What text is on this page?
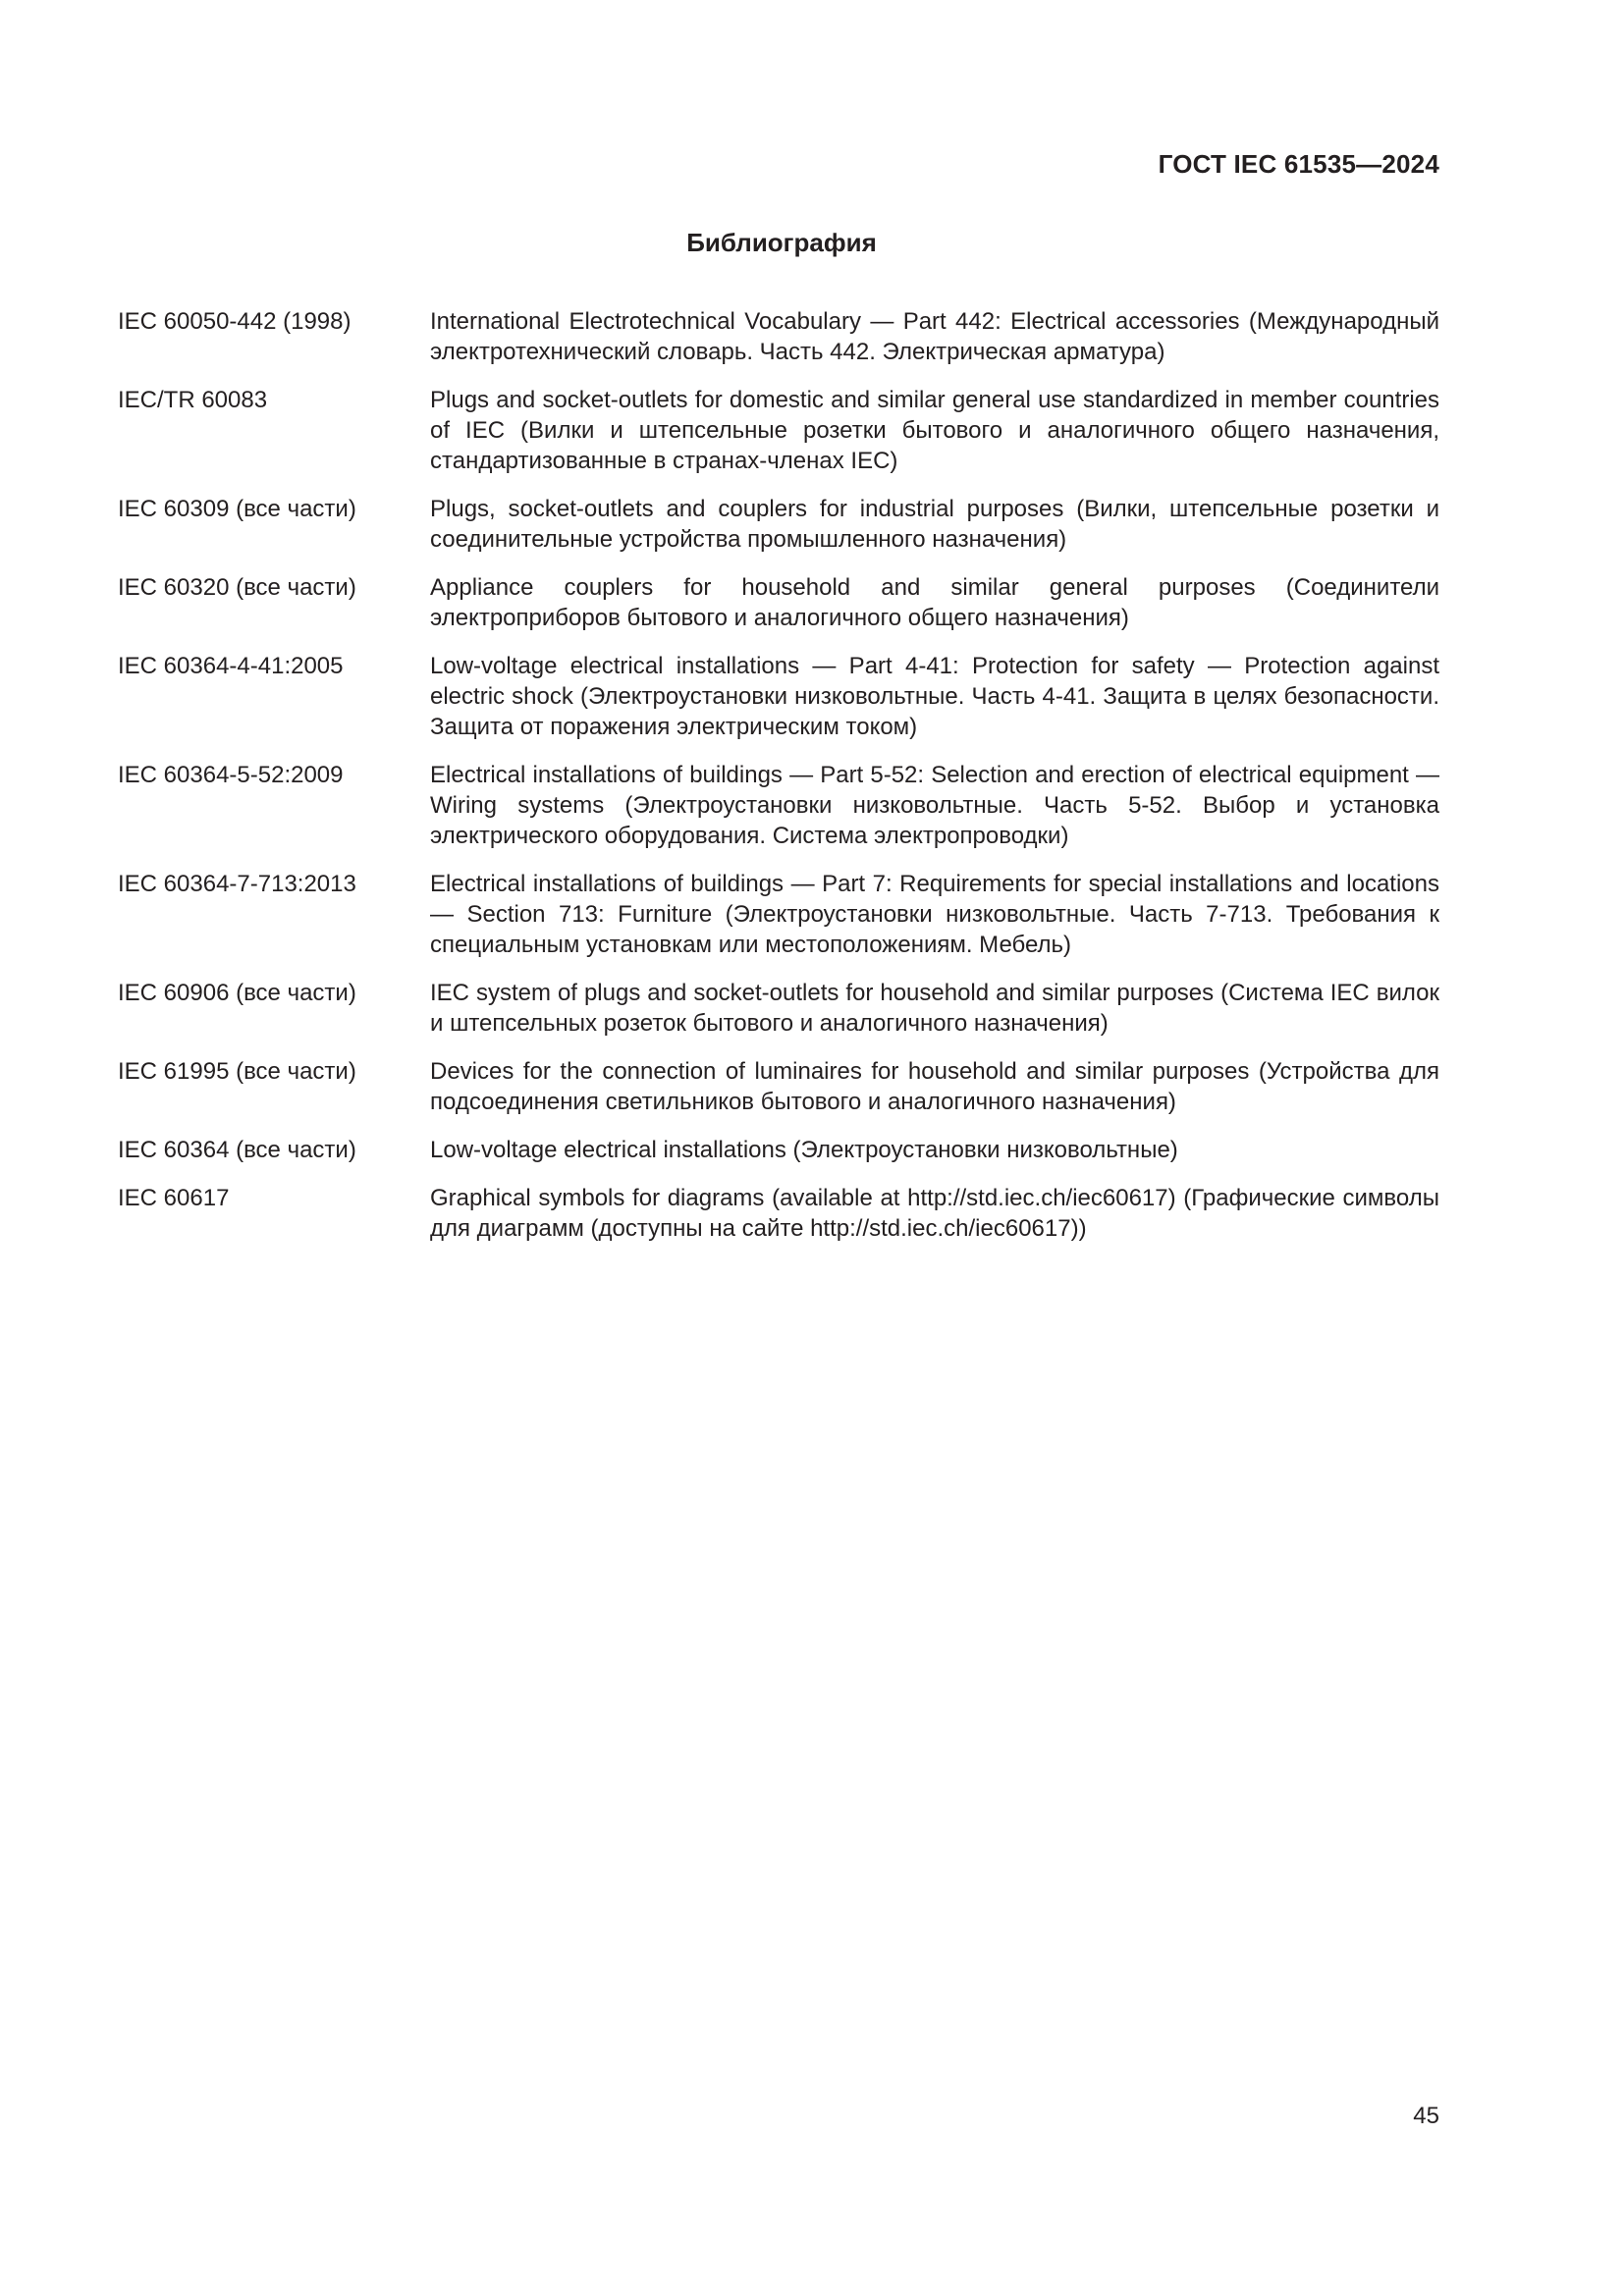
ГОСТ IEC 61535—2024
Библиография
IEC 60050-442 (1998)	International Electrotechnical Vocabulary — Part 442: Electrical accessories (Международный электротехнический словарь. Часть 442. Электрическая арматура)
IEC/TR 60083	Plugs and socket-outlets for domestic and similar general use standardized in member countries of IEC (Вилки и штепсельные розетки бытового и аналогичного общего назначения, стандартизованные в странах-членах IEC)
IEC 60309 (все части)	Plugs, socket-outlets and couplers for industrial purposes (Вилки, штепсельные розетки и соединительные устройства промышленного назначения)
IEC 60320 (все части)	Appliance couplers for household and similar general purposes (Соединители электроприборов бытового и аналогичного общего назначения)
IEC 60364-4-41:2005	Low-voltage electrical installations — Part 4-41: Protection for safety — Protection against electric shock (Электроустановки низковольтные. Часть 4-41. Защита в целях безопасности. Защита от поражения электрическим током)
IEC 60364-5-52:2009	Electrical installations of buildings — Part 5-52: Selection and erection of electrical equipment — Wiring systems (Электроустановки низковольтные. Часть 5-52. Выбор и установка электрического оборудования. Система электропроводки)
IEC 60364-7-713:2013	Electrical installations of buildings — Part 7: Requirements for special installations and locations — Section 713: Furniture (Электроустановки низковольтные. Часть 7-713. Требования к специальным установкам или местоположениям. Мебель)
IEC 60906 (все части)	IEC system of plugs and socket-outlets for household and similar purposes (Система IEC вилок и штепсельных розеток бытового и аналогичного назначения)
IEC 61995 (все части)	Devices for the connection of luminaires for household and similar purposes (Устройства для подсоединения светильников бытового и аналогичного назначения)
IEC 60364 (все части)	Low-voltage electrical installations (Электроустановки низковольтные)
IEC 60617	Graphical symbols for diagrams (available at http://std.iec.ch/iec60617) (Графические символы для диаграмм (доступны на сайте http://std.iec.ch/iec60617))
45
